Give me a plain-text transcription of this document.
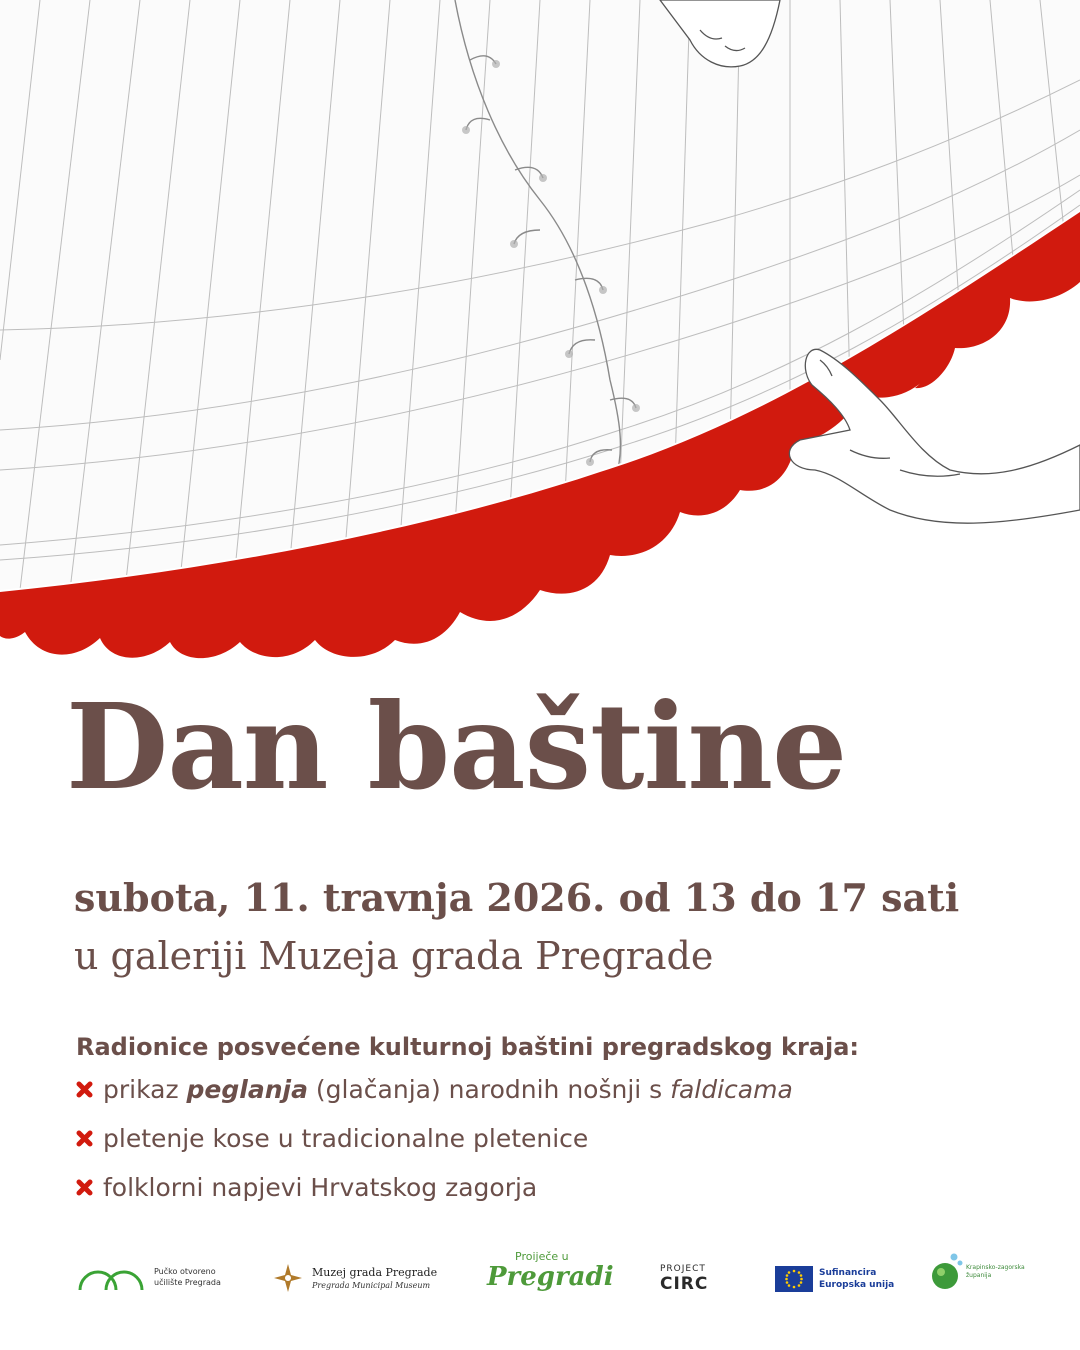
Dan baštine
subota, 11. travnja 2026. od 13 do 17 sati
u galeriji Muzeja grada Pregrade
Radionice posvećene kulturnoj baštini pregradskog kraja:
prikaz peglanja (glačanja) narodnih nošnji s faldicama
pletenje kose u tradicionalne pletenice
folklorni napjevi Hrvatskog zagorja
Pučko otvoreno
učilište Pregrada
Muzej grada Pregrade
Pregrada Municipal Museum
Proiječe u
Pregradi	PROJECT
CIRC
Sufinancira
Europska unija
Krapinsko-zagorska
županija
